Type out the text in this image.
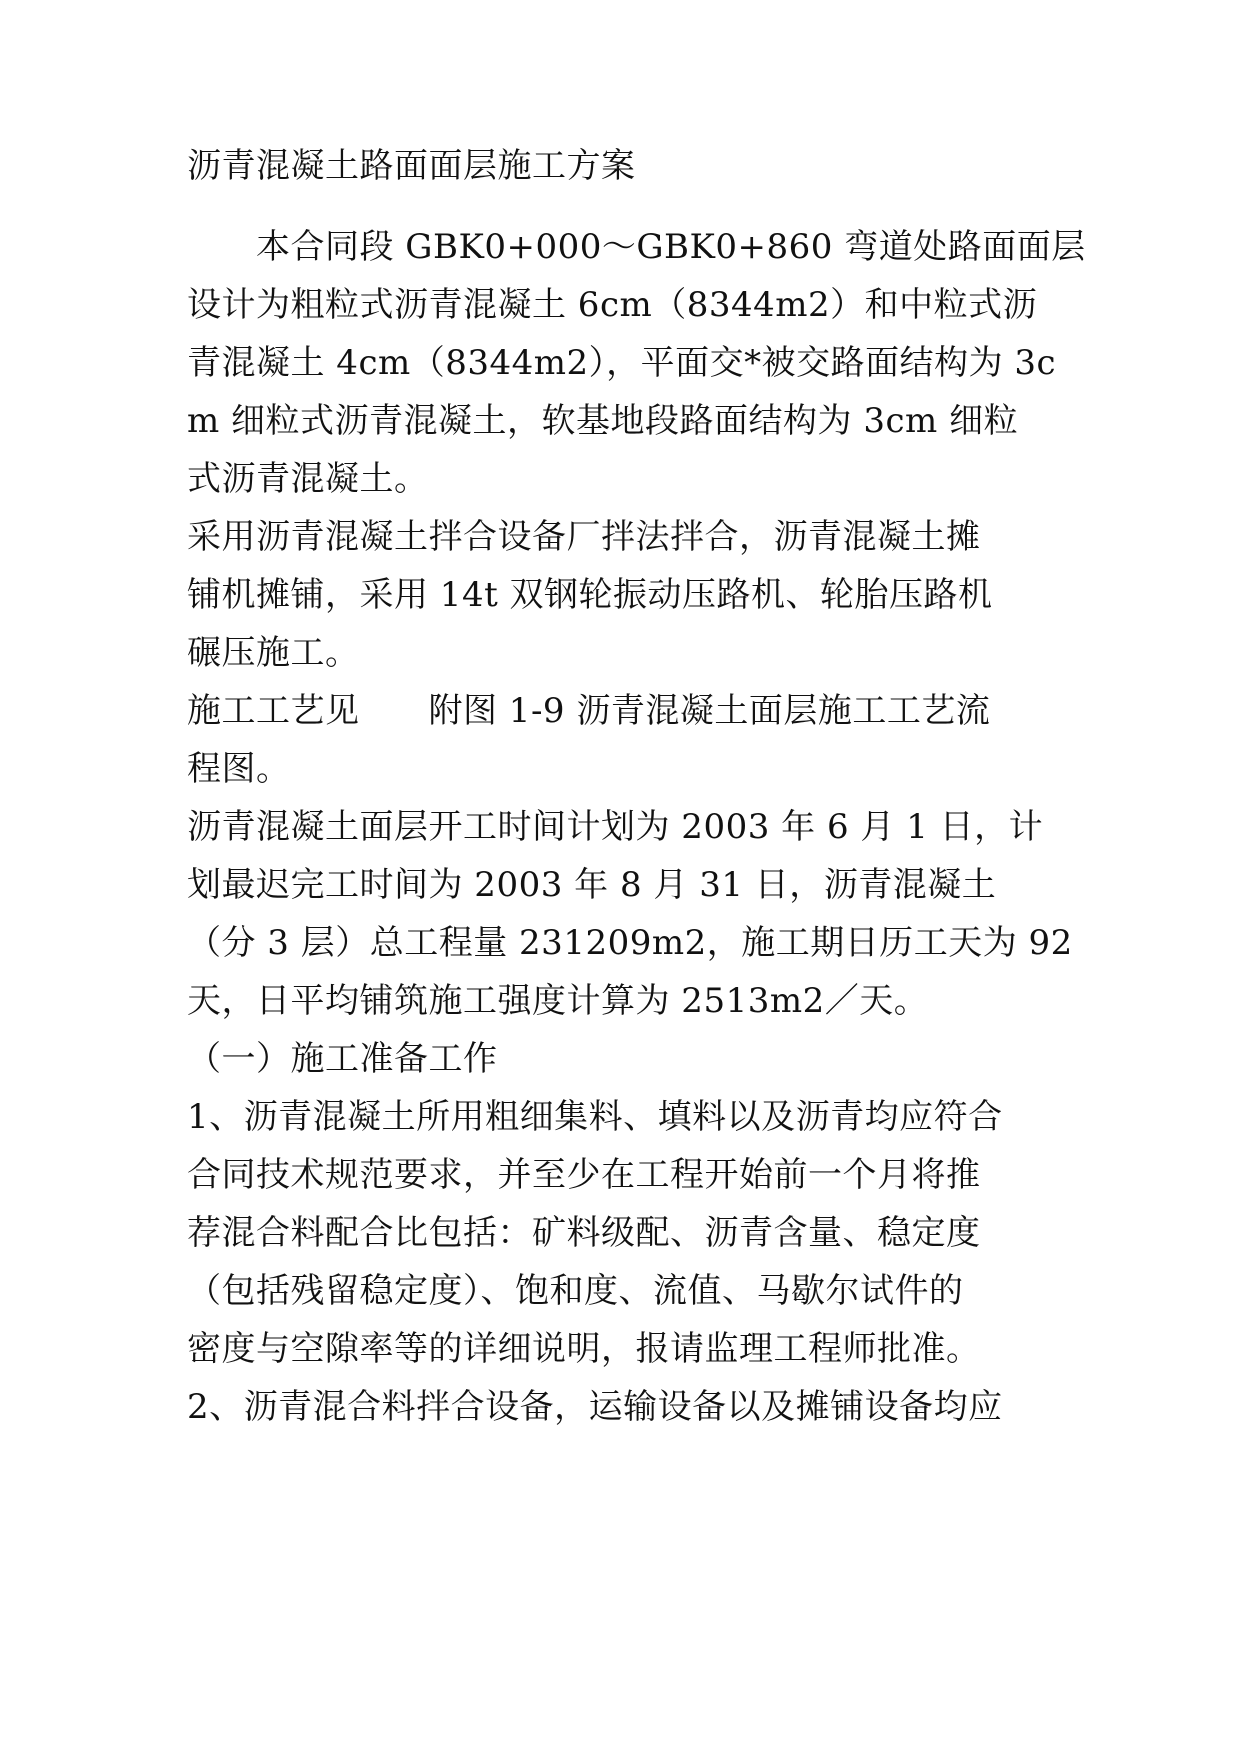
沥青混凝土路面面层施工方案
　　本合同段 GBK0+000～GBK0+860 弯道处路面面层
设计为粗粒式沥青混凝土 6cm（8344m2）和中粒式沥
青混凝土 4cm（8344m2），平面交*被交路面结构为 3c
m 细粒式沥青混凝土，软基地段路面结构为 3cm 细粒
式沥青混凝土。
采用沥青混凝土拌合设备厂拌法拌合，沥青混凝土摊
铺机摊铺，采用 14t 双钢轮振动压路机、轮胎压路机
碾压施工。
施工工艺见　　附图 1-9 沥青混凝土面层施工工艺流
程图。
沥青混凝土面层开工时间计划为 2003 年 6 月 1 日，计
划最迟完工时间为 2003 年 8 月 31 日，沥青混凝土
（分 3 层）总工程量 231209m2，施工期日历工天为 92
天，日平均铺筑施工强度计算为 2513m2／天。
（一）施工准备工作
1、沥青混凝土所用粗细集料、填料以及沥青均应符合
合同技术规范要求，并至少在工程开始前一个月将推
荐混合料配合比包括：矿料级配、沥青含量、稳定度
（包括残留稳定度）、饱和度、流值、马歇尔试件的
密度与空隙率等的详细说明，报请监理工程师批准。
2、沥青混合料拌合设备，运输设备以及摊铺设备均应
